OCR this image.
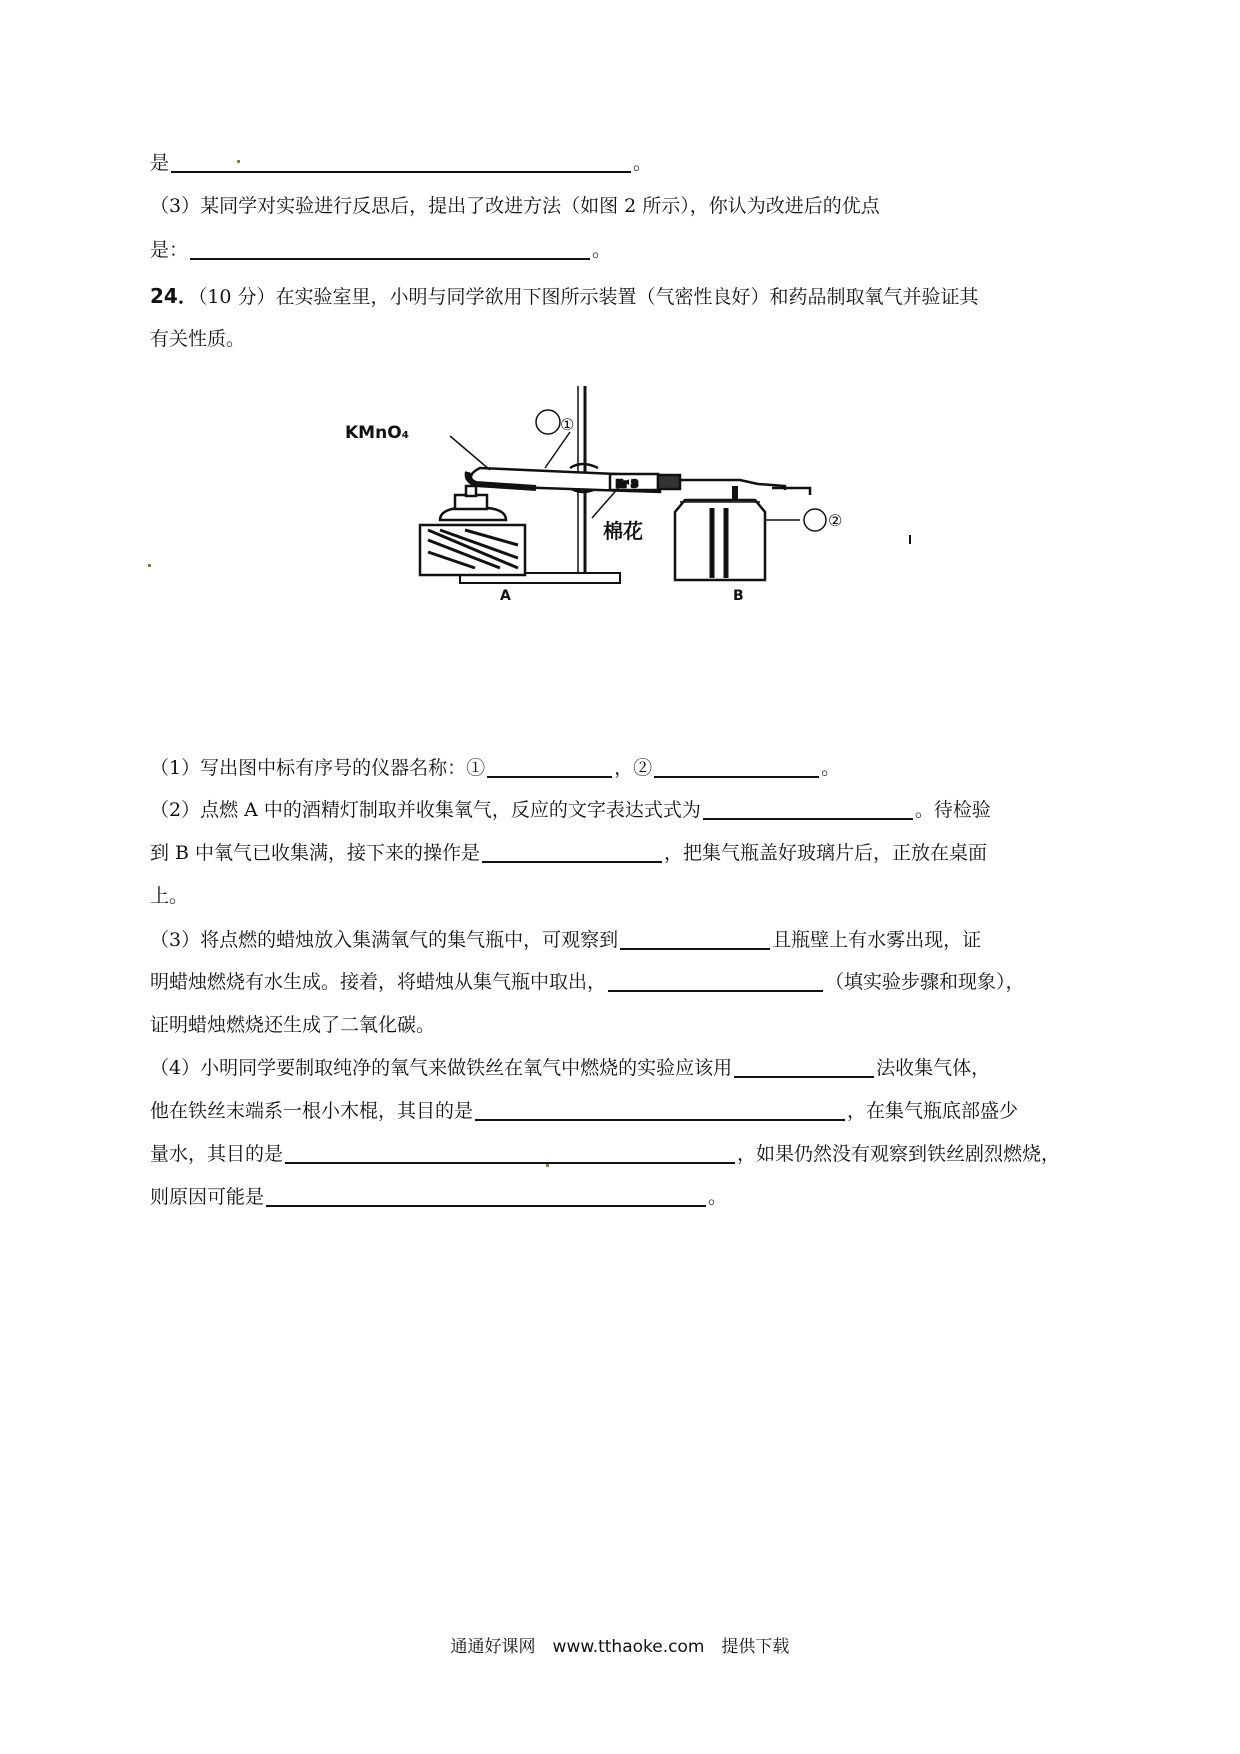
是	。
（3）某同学对实验进行反思后，提出了改进方法（如图 2 所示），你认为改进后的优点
是：	。
24．（10 分）在实验室里，小明与同学欲用下图所示装置（气密性良好）和药品制取氧气并验证其
有关性质。
Er 3
KMnO₄	①
②
棉花
A	B
（1）写出图中标有序号的仪器名称：①	，②	。
（2）点燃 A 中的酒精灯制取并收集氧气，反应的文字表达式式为	。待检验
到 B 中氧气已收集满，接下来的操作是	，把集气瓶盖好玻璃片后，正放在桌面
上。
（3）将点燃的蜡烛放入集满氧气的集气瓶中，可观察到	且瓶壁上有水雾出现，证
明蜡烛燃烧有水生成。接着，将蜡烛从集气瓶中取出，	（填实验步骤和现象），
证明蜡烛燃烧还生成了二氧化碳。
（4）小明同学要制取纯净的氧气来做铁丝在氧气中燃烧的实验应该用	法收集气体，
他在铁丝末端系一根小木棍，其目的是	，在集气瓶底部盛少
量水，其目的是	，如果仍然没有观察到铁丝剧烈燃烧，
则原因可能是	。
通通好课网　www.tthaoke.com　提供下载
